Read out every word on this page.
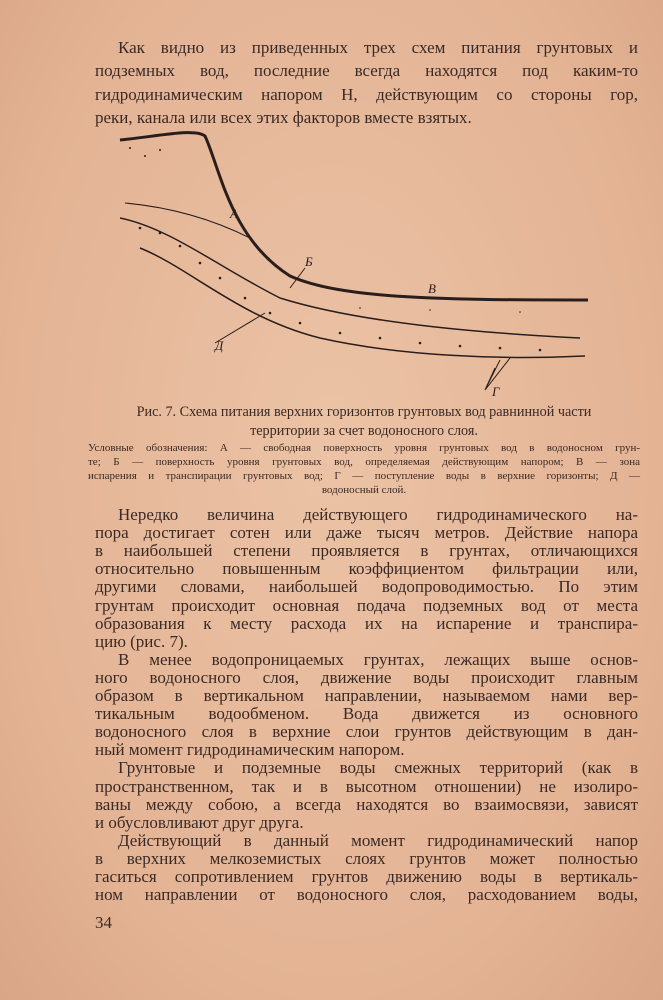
Как видно из приведенных трех схем питания грунтовых и
подземных вод, последние всегда находятся под каким-то
гидродинамическим напором H, действующим со стороны гор,
реки, канала или всех этих факторов вместе взятых.
А
Б
В
Г
Д
Рис. 7. Схема питания верхних горизонтов грунтовых вод равнинной части
территории за счет водоносного слоя.
Условные обозначения: А — свободная поверхность уровня грунтовых вод в водоносном грун-
те; Б — поверхность уровня грунтовых вод, определяемая действующим напором; В — зона
испарения и транспирации грунтовых вод; Г — поступление воды в верхние горизонты; Д —
водоносный слой.
Нередко величина действующего гидродинамического на-
пора достигает сотен или даже тысяч метров. Действие напора
в наибольшей степени проявляется в грунтах, отличающихся
относительно повышенным коэффициентом фильтрации или,
другими словами, наибольшей водопроводимостью. По этим
грунтам происходит основная подача подземных вод от места
образования к месту расхода их на испарение и транспира-
цию (рис. 7).
В менее водопроницаемых грунтах, лежащих выше основ-
ного водоносного слоя, движение воды происходит главным
образом в вертикальном направлении, называемом нами вер-
тикальным водообменом. Вода движется из основного
водоносного слоя в верхние слои грунтов действующим в дан-
ный момент гидродинамическим напором.
Грунтовые и подземные воды смежных территорий (как в
пространственном, так и в высотном отношении) не изолиро-
ваны между собою, а всегда находятся во взаимосвязи, зависят
и обусловливают друг друга.
Действующий в данный момент гидродинамический напор
в верхних мелкоземистых слоях грунтов может полностью
гаситься сопротивлением грунтов движению воды в вертикаль-
ном направлении от водоносного слоя, расходованием воды,
34
